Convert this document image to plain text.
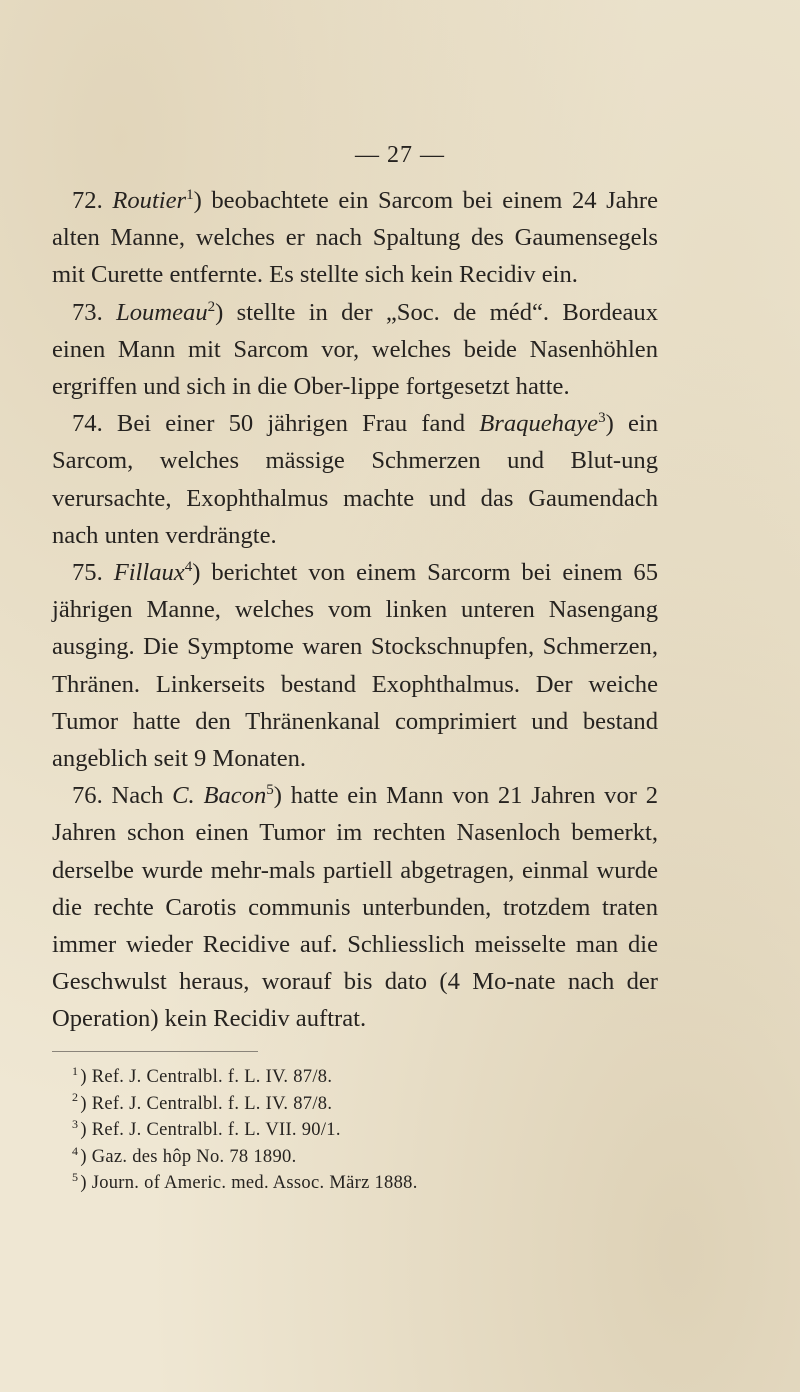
— 27 —

72. Routier$^1$) beobachtete ein Sarcom bei einem 24 Jahre alten Manne, welches er nach Spaltung des Gaumensegels mit Curette entfernte. Es stellte sich kein Recidiv ein.

73. Loumeau$^2$) stellte in der „Soc. de méd“. Bordeaux einen Mann mit Sarcom vor, welches beide Nasenhöhlen ergriffen und sich in die Ober-lippe fortgesetzt hatte.

74. Bei einer 50 jährigen Frau fand Braquehaye$^3$) ein Sarcom, welches mässige Schmerzen und Blut-ung verursachte, Exophthalmus machte und das Gaumendach nach unten verdrängte.

75. Fillaux$^4$) berichtet von einem Sarcorm bei einem 65 jährigen Manne, welches vom linken unteren Nasengang ausging. Die Symptome waren Stockschnupfen, Schmerzen, Thränen. Linkerseits bestand Exophthalmus. Der weiche Tumor hatte den Thränenkanal comprimiert und bestand angeblich seit 9 Monaten.

76. Nach C. Bacon$^5$) hatte ein Mann von 21 Jahren vor 2 Jahren schon einen Tumor im rechten Nasenloch bemerkt, derselbe wurde mehr-mals partiell abgetragen, einmal wurde die rechte Carotis communis unterbunden, trotzdem traten immer wieder Recidive auf. Schliesslich meisselte man die Geschwulst heraus, worauf bis dato (4 Mo-nate nach der Operation) kein Recidiv auftrat.

$^1$ ) Ref. J. Centralbl. f. L. IV. 87/8.

$^2$ ) Ref. J. Centralbl. f. L. IV. 87/8.

$^3$ ) Ref. J. Centralbl. f. L. VII. 90/1.

$^4$ ) Gaz. des hôp No. 78 1890.

$^5$ ) Journ. of Americ. med. Assoc. März 1888.
